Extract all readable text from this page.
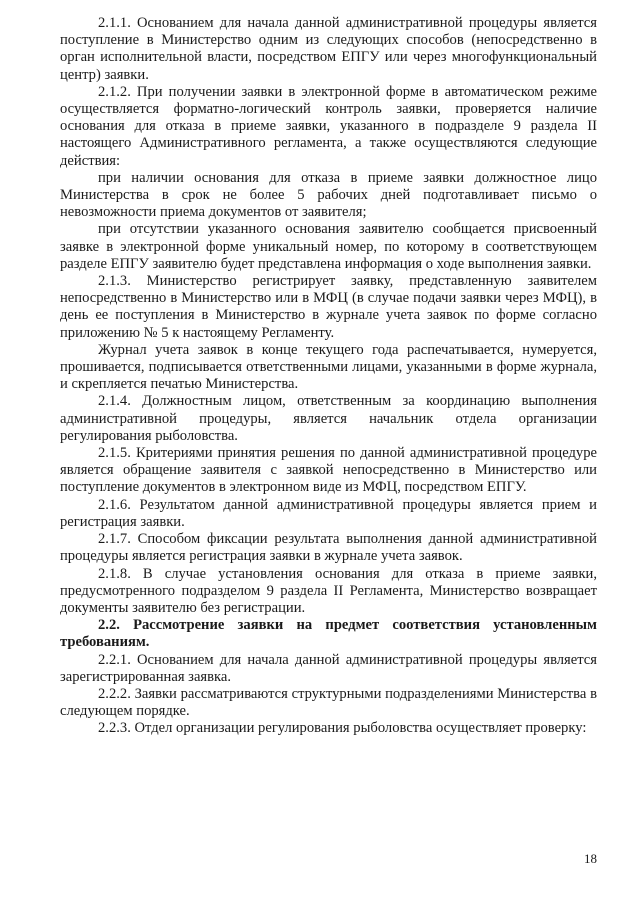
2.1.1. Основанием для начала данной административной процедуры является поступление в Министерство одним из следующих способов (непосредственно в орган исполнительной власти, посредством ЕПГУ или через многофункциональный центр) заявки.

2.1.2. При получении заявки в электронной форме в автоматическом режиме осуществляется форматно-логический контроль заявки, проверяется наличие основания для отказа в приеме заявки, указанного в подразделе 9 раздела II настоящего Административного регламента, а также осуществляются следующие действия:

при наличии основания для отказа в приеме заявки должностное лицо Министерства в срок не более 5 рабочих дней подготавливает письмо о невозможности приема документов от заявителя;

при отсутствии указанного основания заявителю сообщается присвоенный заявке в электронной форме уникальный номер, по которому в соответствующем разделе ЕПГУ заявителю будет представлена информация о ходе выполнения заявки.

2.1.3. Министерство регистрирует заявку, представленную заявителем непосредственно в Министерство или в МФЦ (в случае подачи заявки через МФЦ), в день ее поступления в Министерство в журнале учета заявок по форме согласно приложению № 5 к настоящему Регламенту.

Журнал учета заявок в конце текущего года распечатывается, нумеруется, прошивается, подписывается ответственными лицами, указанными в форме журнала, и скрепляется печатью Министерства.

2.1.4. Должностным лицом, ответственным за координацию выполнения административной процедуры, является начальник отдела организации регулирования рыболовства.

2.1.5. Критериями принятия решения по данной административной процедуре является обращение заявителя с заявкой непосредственно в Министерство или поступление документов в электронном виде из МФЦ, посредством ЕПГУ.

2.1.6. Результатом данной административной процедуры является прием и регистрация заявки.

2.1.7. Способом фиксации результата выполнения данной административной процедуры является регистрация заявки в журнале учета заявок.

2.1.8. В случае установления основания для отказа в приеме заявки, предусмотренного подразделом 9 раздела II Регламента, Министерство возвращает документы заявителю без регистрации.

2.2. Рассмотрение заявки на предмет соответствия установленным требованиям.

2.2.1. Основанием для начала данной административной процедуры является зарегистрированная заявка.

2.2.2. Заявки рассматриваются структурными подразделениями Министерства в следующем порядке.

2.2.3. Отдел организации регулирования рыболовства осуществляет проверку:

18
